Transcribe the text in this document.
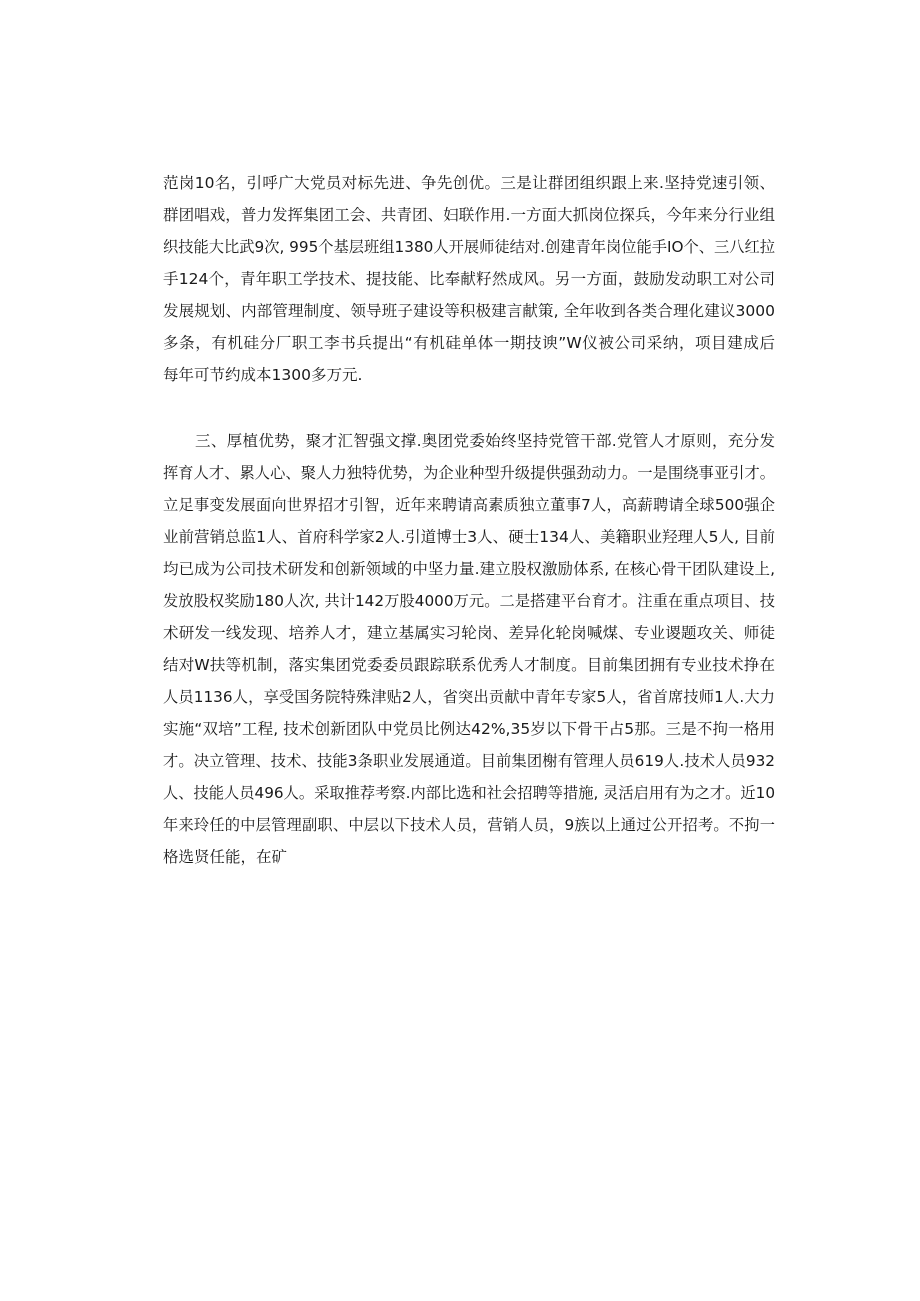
范岗10名，引呼广大党员对标先进、争先创优。三是让群团组织跟上来.坚持党速引领、
群团唱戏，普力发挥集团工会、共青团、妇联作用.一方面大抓岗位探兵，今年来分行业组
织技能大比武9次, 995个基层班组1380人开展师徒结对.创建青年岗位能手IO个、三八红拉
手124个，青年职工学技术、提技能、比奉献籽然成风。另一方面，鼓励发动职工对公司
发展规划、内部管理制度、领导班子建设等积极建言献策, 全年收到各类合理化建议3000
多条，有机硅分厂职工李书兵提出“有机硅单体一期技谀”W仪被公司采纳，项目建成后
每年可节约成本1300多万元.
三、厚植优势，聚才汇智强文撑.奥团党委始终坚持党管干部.党管人才原则，充分发
挥育人才、累人心、聚人力独特优势，为企业种型升级提供强劲动力。一是围绕事亚引才。
立足事变发展面向世界招才引智，近年来聘请高素质独立董事7人，高薪聘请全球500强企
业前营销总监1人、首府科学家2人.引道博士3人、硬士134人、美籍职业羟理人5人, 目前
均已成为公司技术研发和创新领域的中坚力量.建立股权激励体系, 在核心骨干团队建设上,
发放股权奖励180人次, 共计142万股4000万元。二是搭建平台育才。注重在重点项目、技
术研发一线发现、培养人才，建立基属实习轮岗、差异化轮岗喊煤、专业谡题攻关、师徒
结对W扶等机制，落实集团党委委员跟踪联系优秀人才制度。目前集团拥有专业技术挣在
人员1136人，享受国务院特殊津贴2人，省突出贡献中青年专家5人，省首席技师1人.大力
实施“双培”工程, 技术创新团队中党员比例达42%,35岁以下骨干占5那。三是不拘一格用
才。决立管理、技术、技能3条职业发展通道。目前集团榭有管理人员619人.技术人员932
人、技能人员496人。采取推荐考察.内部比选和社会招聘等措施, 灵活启用有为之才。近10
年来玲任的中层管理副职、中层以下技术人员，营销人员，9族以上通过公开招考。不拘一
格选贤任能，在矿
